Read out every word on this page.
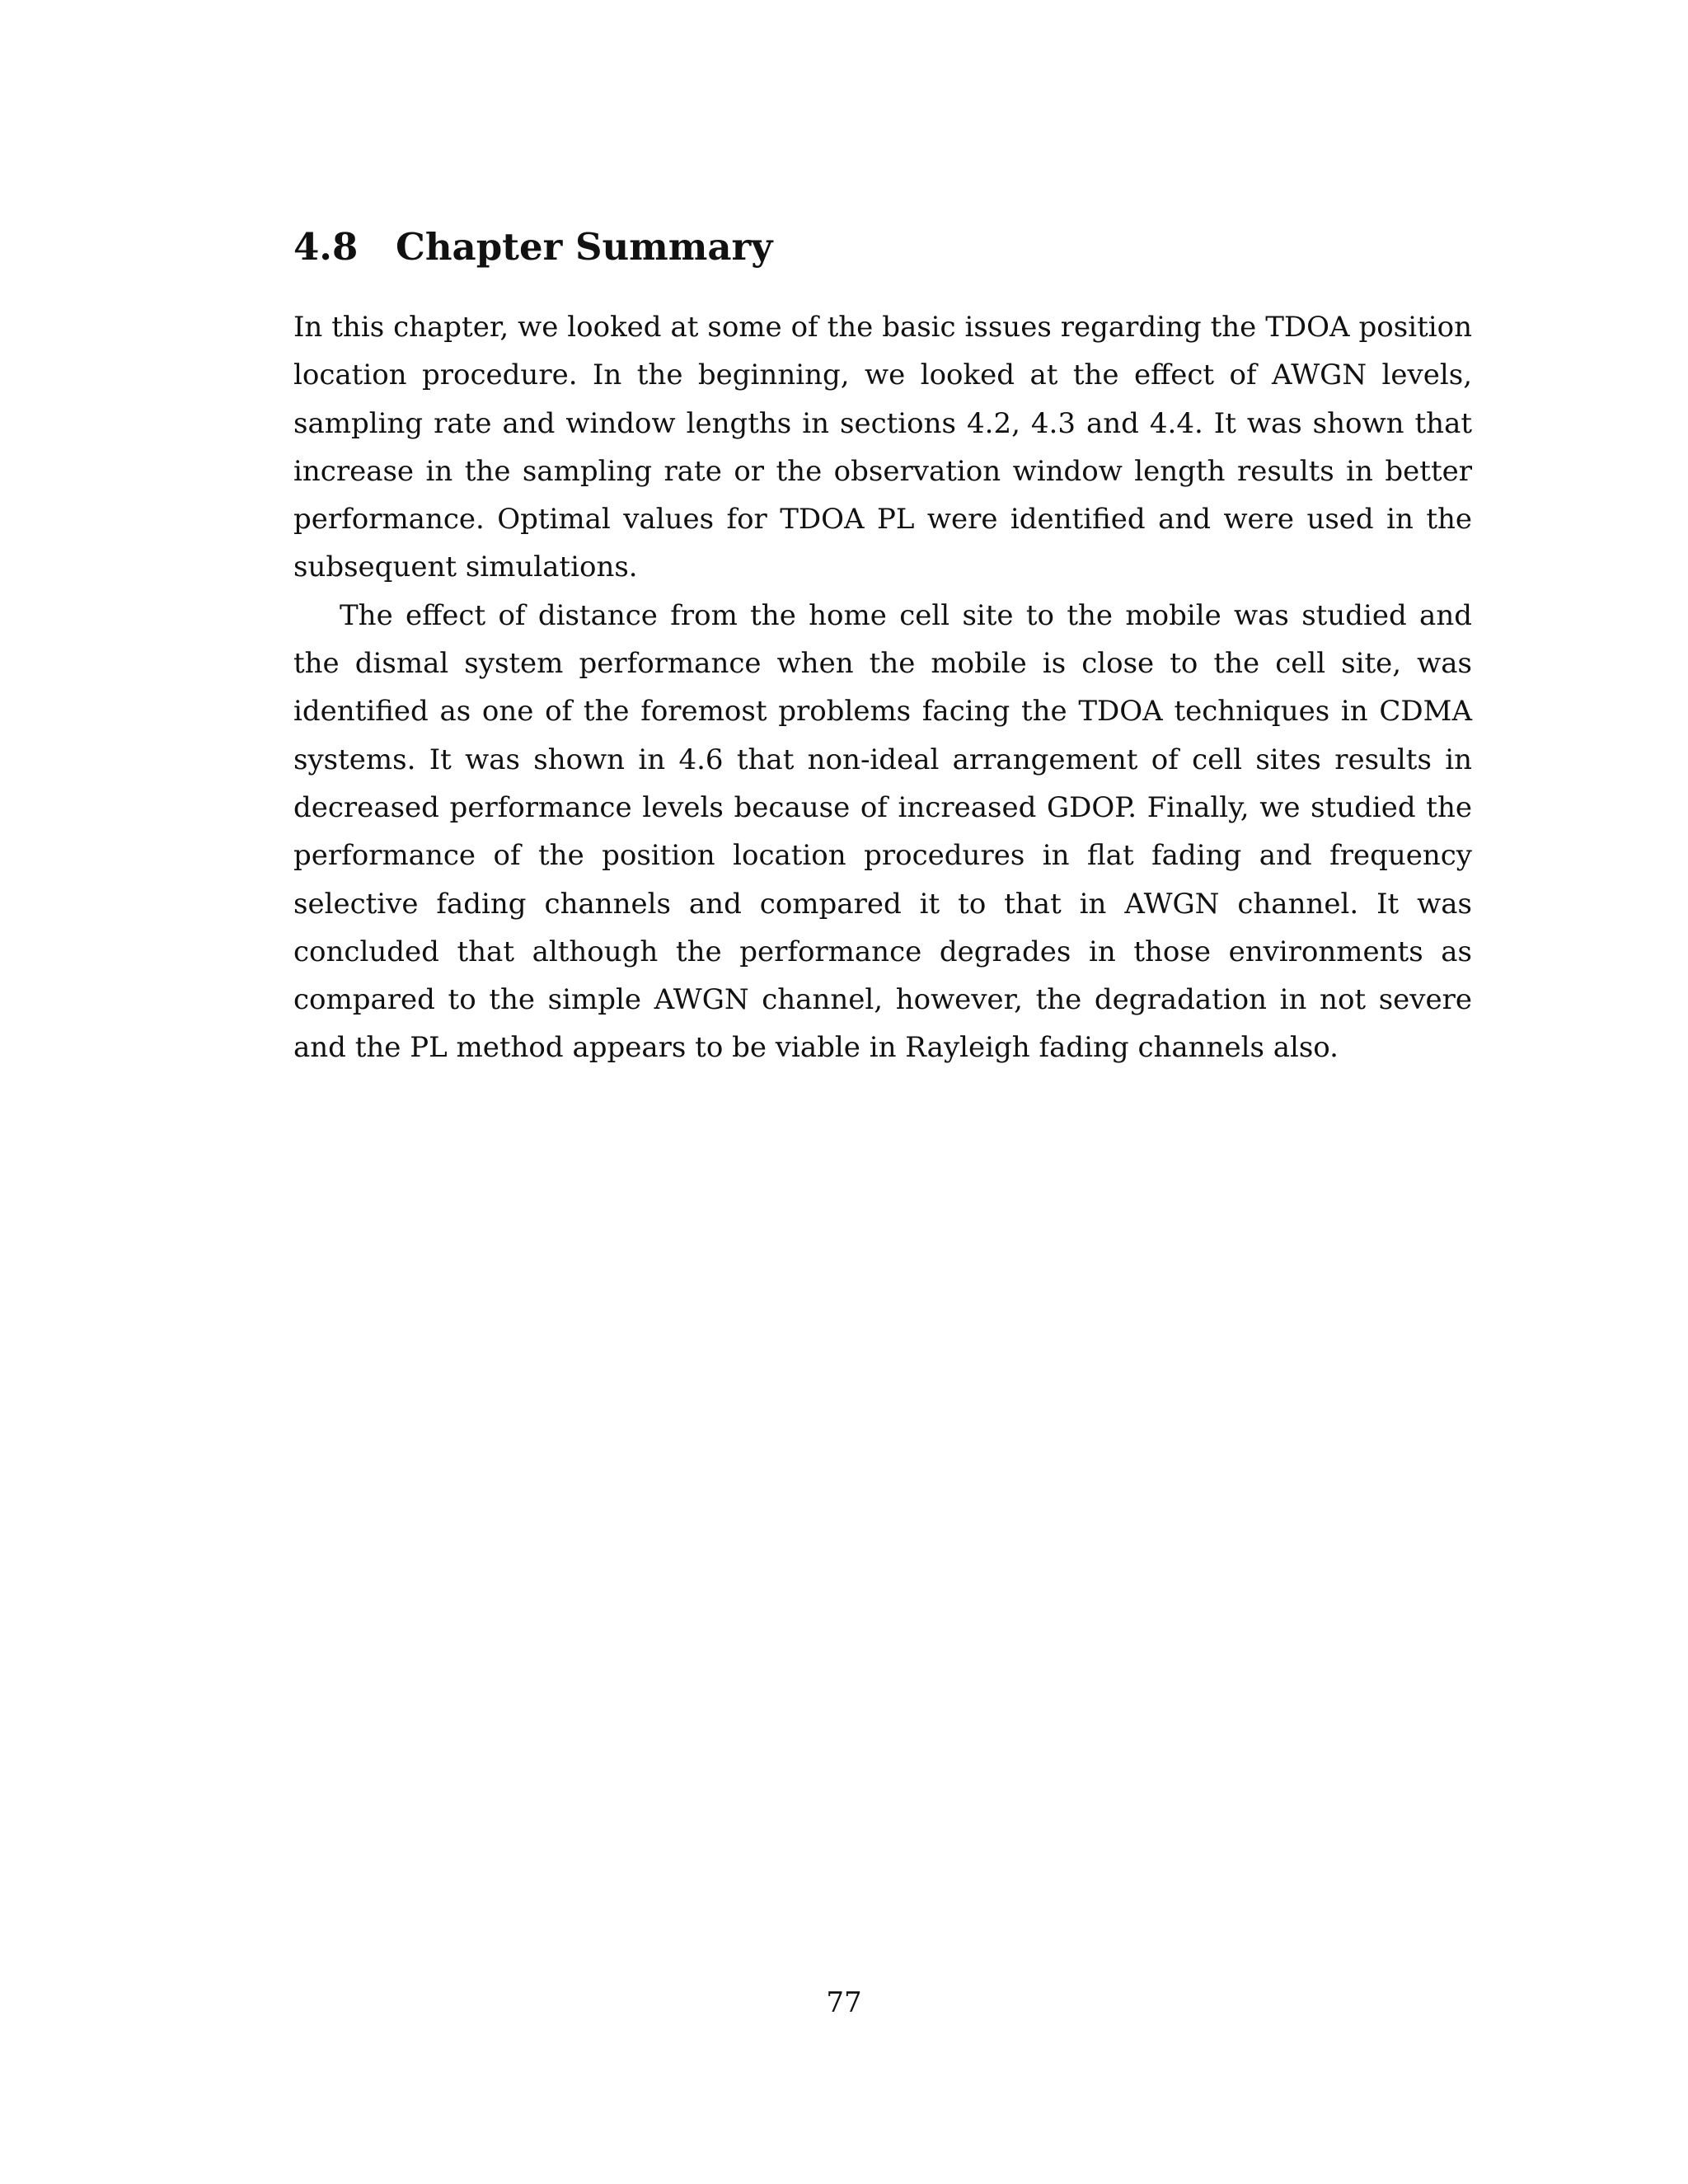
4.8 Chapter Summary

In this chapter, we looked at some of the basic issues regarding the TDOA position location procedure. In the beginning, we looked at the effect of AWGN levels, sampling rate and window lengths in sections 4.2, 4.3 and 4.4. It was shown that increase in the sampling rate or the observation window length results in better performance. Optimal values for TDOA PL were identified and were used in the subsequent simulations.

The effect of distance from the home cell site to the mobile was studied and the dismal system performance when the mobile is close to the cell site, was identified as one of the foremost problems facing the TDOA techniques in CDMA systems. It was shown in 4.6 that non-ideal arrangement of cell sites results in decreased performance levels because of increased GDOP. Finally, we studied the performance of the position location procedures in flat fading and frequency selective fading channels and compared it to that in AWGN channel. It was concluded that although the performance degrades in those environments as compared to the simple AWGN channel, however, the degradation in not severe and the PL method appears to be viable in Rayleigh fading channels also.

77
